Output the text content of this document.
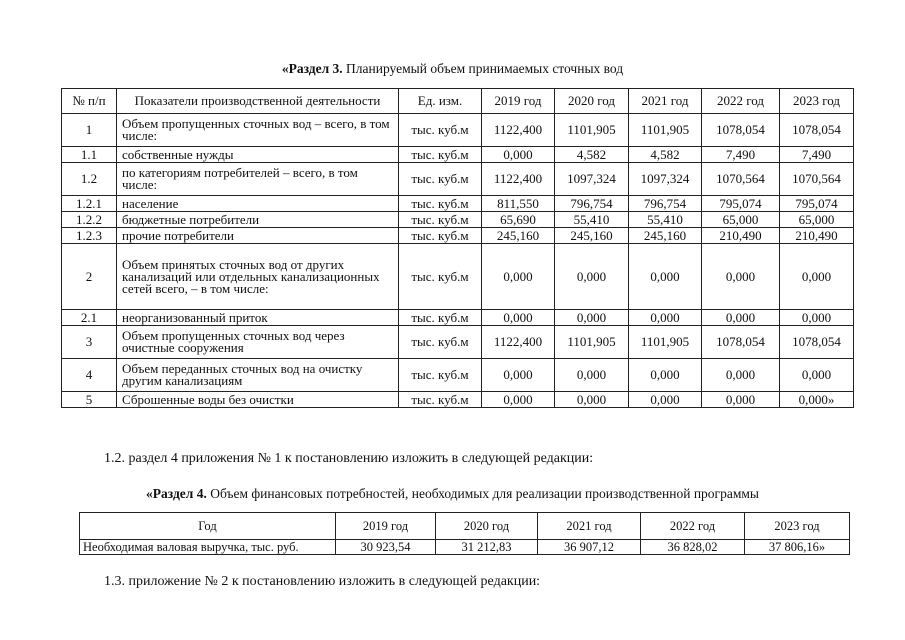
«Раздел 3. Планируемый объем принимаемых сточных вод
№ п/п	Показатели производственной деятельности	Ед. изм.	2019 год	2020 год	2021 год	2022 год	2023 год
1	Объем пропущенных сточных вод – всего, в том числе:	тыс. куб.м	1122,400	1101,905	1101,905	1078,054	1078,054
1.1	собственные нужды	тыс. куб.м	0,000	4,582	4,582	7,490	7,490
1.2	по категориям потребителей – всего, в том числе:	тыс. куб.м	1122,400	1097,324	1097,324	1070,564	1070,564
1.2.1	население	тыс. куб.м	811,550	796,754	796,754	795,074	795,074
1.2.2	бюджетные потребители	тыс. куб.м	65,690	55,410	55,410	65,000	65,000
1.2.3	прочие потребители	тыс. куб.м	245,160	245,160	245,160	210,490	210,490
2	Объем принятых сточных вод от других канализаций или отдельных канализационных сетей всего, – в том числе:	тыс. куб.м	0,000	0,000	0,000	0,000	0,000
2.1	неорганизованный приток	тыс. куб.м	0,000	0,000	0,000	0,000	0,000
3	Объем пропущенных сточных вод через очистные сооружения	тыс. куб.м	1122,400	1101,905	1101,905	1078,054	1078,054
4	Объем переданных сточных вод на очистку другим канализациям	тыс. куб.м	0,000	0,000	0,000	0,000	0,000
5	Сброшенные воды без очистки	тыс. куб.м	0,000	0,000	0,000	0,000	0,000»
1.2. раздел 4 приложения № 1 к постановлению изложить в следующей редакции:
«Раздел 4. Объем финансовых потребностей, необходимых для реализации производственной программы
Год	2019 год	2020 год	2021 год	2022 год	2023 год
Необходимая валовая выручка, тыс. руб.	30 923,54	31 212,83	36 907,12	36 828,02	37 806,16»
1.3. приложение № 2 к постановлению изложить в следующей редакции:
